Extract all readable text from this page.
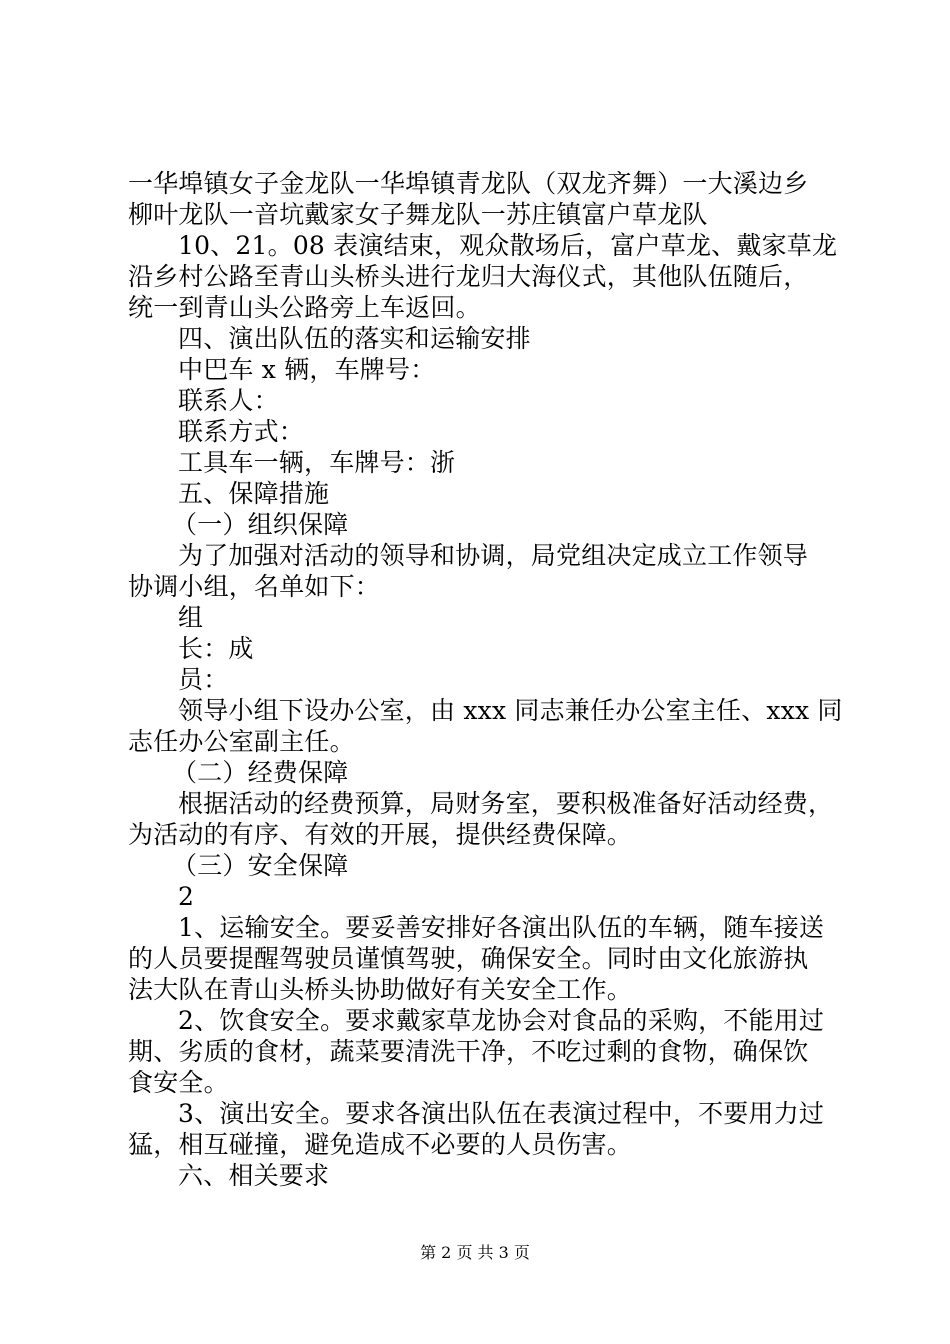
一华埠镇女子金龙队一华埠镇青龙队（双龙齐舞）一大溪边乡
柳叶龙队一音坑戴家女子舞龙队一苏庄镇富户草龙队
10、21。08 表演结束，观众散场后，富户草龙、戴家草龙
沿乡村公路至青山头桥头进行龙归大海仪式，其他队伍随后，
统一到青山头公路旁上车返回。
四、演出队伍的落实和运输安排
中巴车 x 辆，车牌号：
联系人：
联系方式：
工具车一辆，车牌号：浙
五、保障措施
（一）组织保障
为了加强对活动的领导和协调，局党组决定成立工作领导
协调小组，名单如下：
组
长：成
员：
领导小组下设办公室，由 xxx 同志兼任办公室主任、xxx 同
志任办公室副主任。
（二）经费保障
根据活动的经费预算，局财务室，要积极准备好活动经费，
为活动的有序、有效的开展，提供经费保障。
（三）安全保障
2
1、运输安全。要妥善安排好各演出队伍的车辆，随车接送
的人员要提醒驾驶员谨慎驾驶，确保安全。同时由文化旅游执
法大队在青山头桥头协助做好有关安全工作。
2、饮食安全。要求戴家草龙协会对食品的采购，不能用过
期、劣质的食材，蔬菜要清洗干净，不吃过剩的食物，确保饮
食安全。
3、演出安全。要求各演出队伍在表演过程中，不要用力过
猛，相互碰撞，避免造成不必要的人员伤害。
六、相关要求
第 2 页 共 3 页
